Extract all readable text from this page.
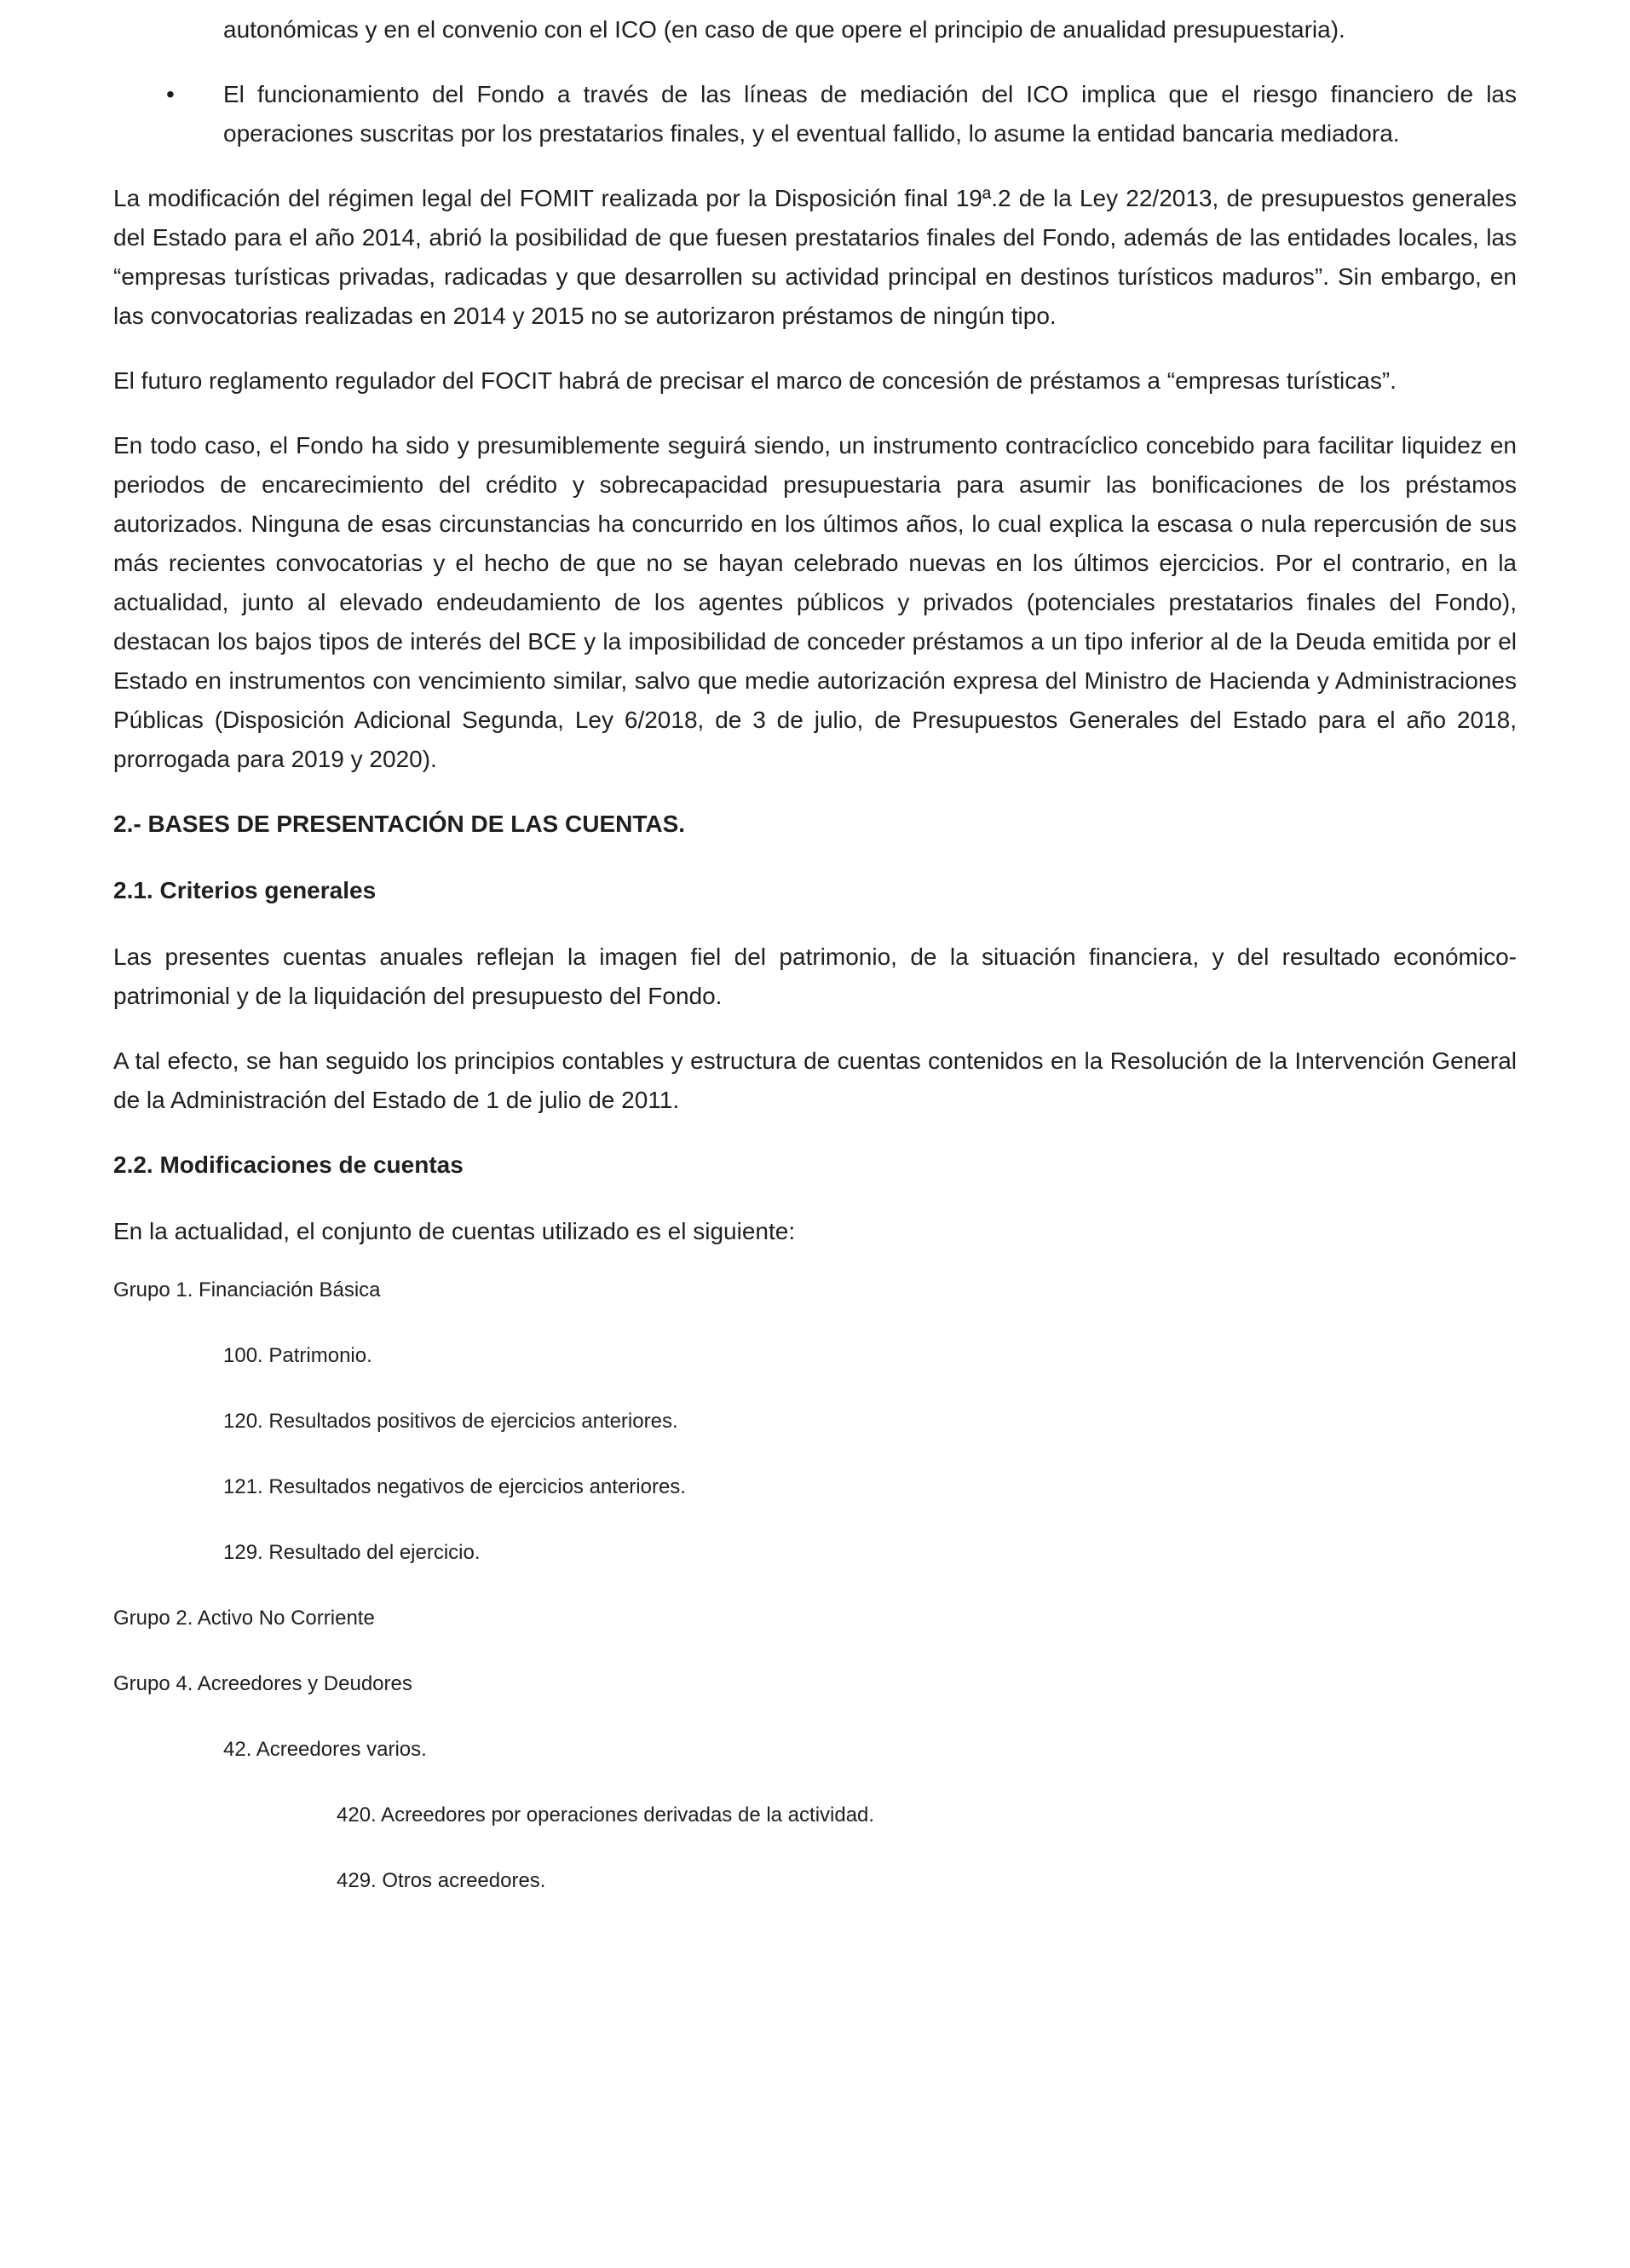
autonómicas y en el convenio con el ICO (en caso de que opere el principio de anualidad presupuestaria).

• El funcionamiento del Fondo a través de las líneas de mediación del ICO implica que el riesgo financiero de las operaciones suscritas por los prestatarios finales, y el eventual fallido, lo asume la entidad bancaria mediadora.

La modificación del régimen legal del FOMIT realizada por la Disposición final 19ª.2 de la Ley 22/2013, de presupuestos generales del Estado para el año 2014, abrió la posibilidad de que fuesen prestatarios finales del Fondo, además de las entidades locales, las “empresas turísticas privadas, radicadas y que desarrollen su actividad principal en destinos turísticos maduros”. Sin embargo, en las convocatorias realizadas en 2014 y 2015 no se autorizaron préstamos de ningún tipo.

El futuro reglamento regulador del FOCIT habrá de precisar el marco de concesión de préstamos a “empresas turísticas”.

En todo caso, el Fondo ha sido y presumiblemente seguirá siendo, un instrumento contracíclico concebido para facilitar liquidez en periodos de encarecimiento del crédito y sobrecapacidad presupuestaria para asumir las bonificaciones de los préstamos autorizados. Ninguna de esas circunstancias ha concurrido en los últimos años, lo cual explica la escasa o nula repercusión de sus más recientes convocatorias y el hecho de que no se hayan celebrado nuevas en los últimos ejercicios. Por el contrario, en la actualidad, junto al elevado endeudamiento de los agentes públicos y privados (potenciales prestatarios finales del Fondo), destacan los bajos tipos de interés del BCE y la imposibilidad de conceder préstamos a un tipo inferior al de la Deuda emitida por el Estado en instrumentos con vencimiento similar, salvo que medie autorización expresa del Ministro de Hacienda y Administraciones Públicas (Disposición Adicional Segunda, Ley 6/2018, de 3 de julio, de Presupuestos Generales del Estado para el año 2018, prorrogada para 2019 y 2020).

2.- BASES DE PRESENTACIÓN DE LAS CUENTAS.
2.1. Criterios generales

Las presentes cuentas anuales reflejan la imagen fiel del patrimonio, de la situación financiera, y del resultado económico-patrimonial y de la liquidación del presupuesto del Fondo.

A tal efecto, se han seguido los principios contables y estructura de cuentas contenidos en la Resolución de la Intervención General de la Administración del Estado de 1 de julio de 2011.

2.2. Modificaciones de cuentas

En la actualidad, el conjunto de cuentas utilizado es el siguiente:

Grupo 1. Financiación Básica
100. Patrimonio.
120. Resultados positivos de ejercicios anteriores.
121. Resultados negativos de ejercicios anteriores.
129. Resultado del ejercicio.
Grupo 2. Activo No Corriente
Grupo 4. Acreedores y Deudores
42. Acreedores varios.
420. Acreedores por operaciones derivadas de la actividad.
429. Otros acreedores.
